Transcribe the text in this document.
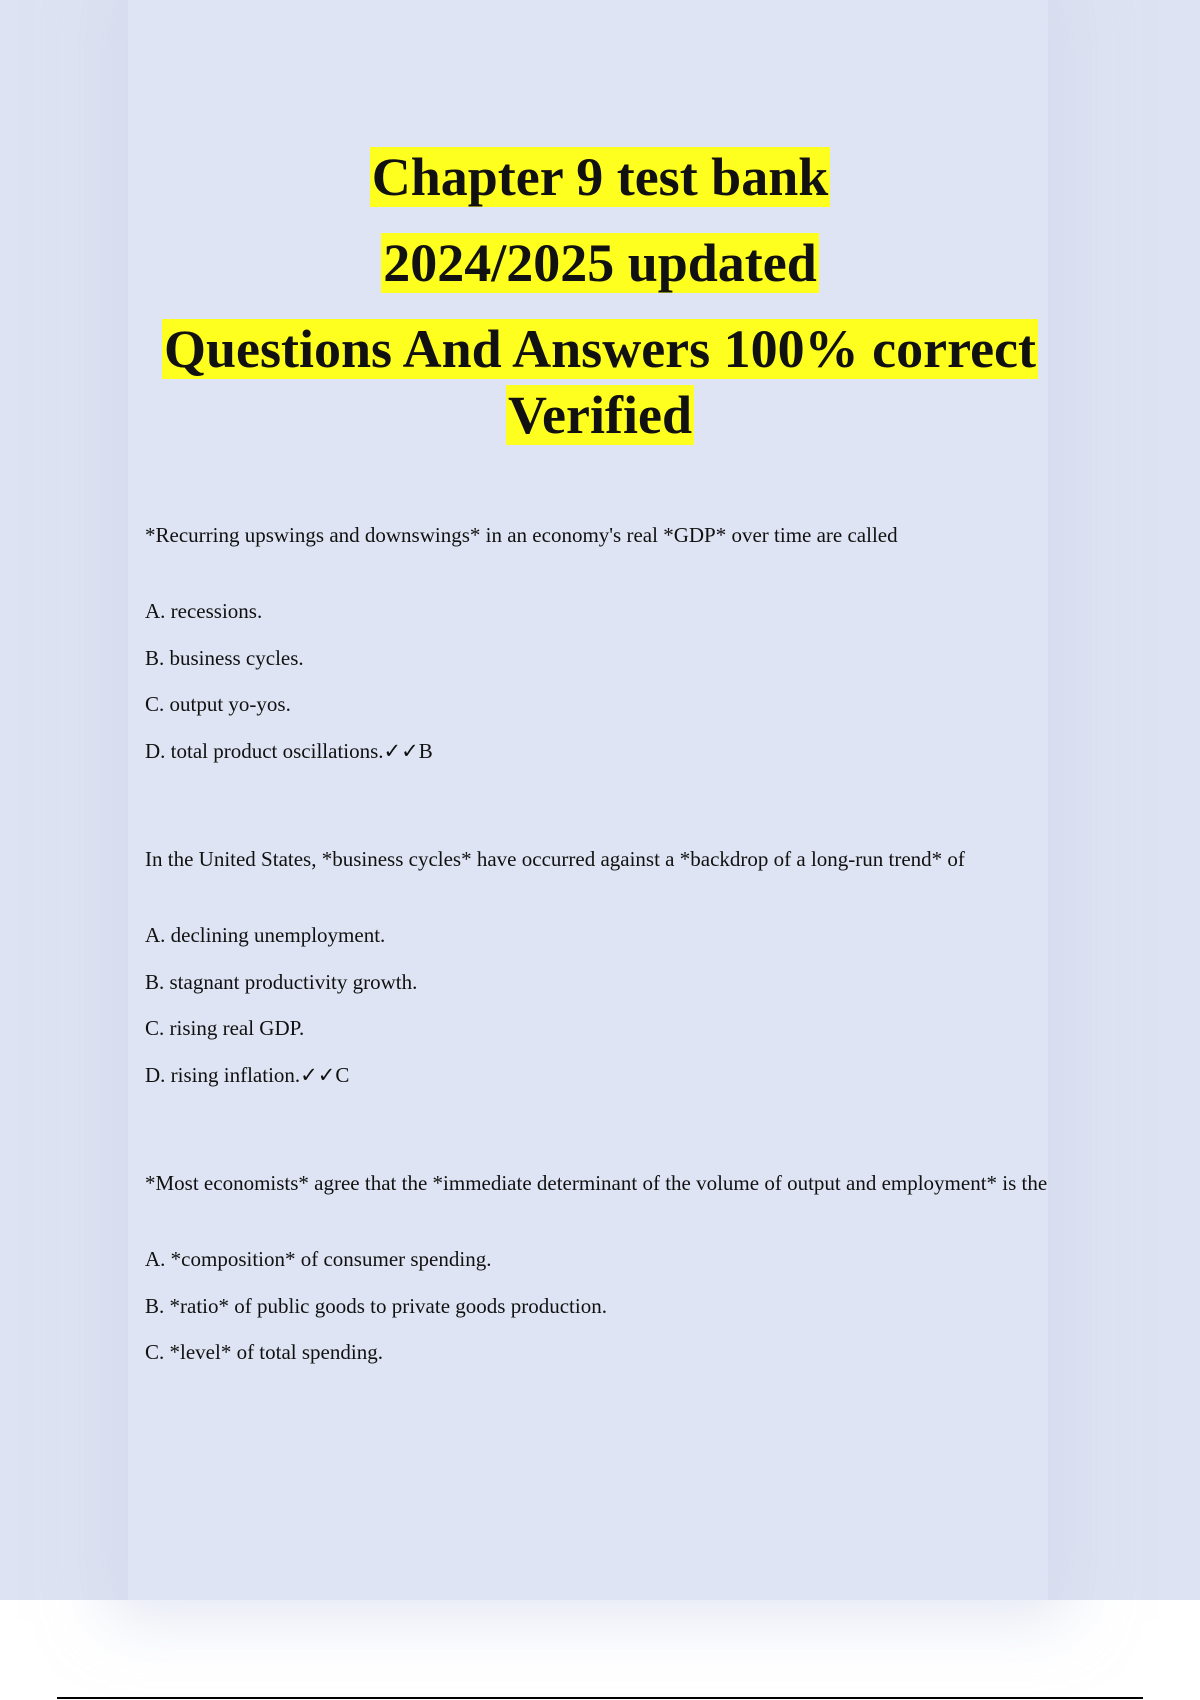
Chapter 9 test bank
2024/2025 updated
Questions And Answers 100% correct
Verified

*Recurring upswings and downswings* in an economy's real *GDP* over time are called

A. recessions.
B. business cycles.
C. output yo-yos.
D. total product oscillations.✓✓B

In the United States, *business cycles* have occurred against a *backdrop of a long-run trend* of

A. declining unemployment.
B. stagnant productivity growth.
C. rising real GDP.
D. rising inflation.✓✓C

*Most economists* agree that the *immediate determinant of the volume of output and employment* is the

A. *composition* of consumer spending.
B. *ratio* of public goods to private goods production.
C. *level* of total spending.
